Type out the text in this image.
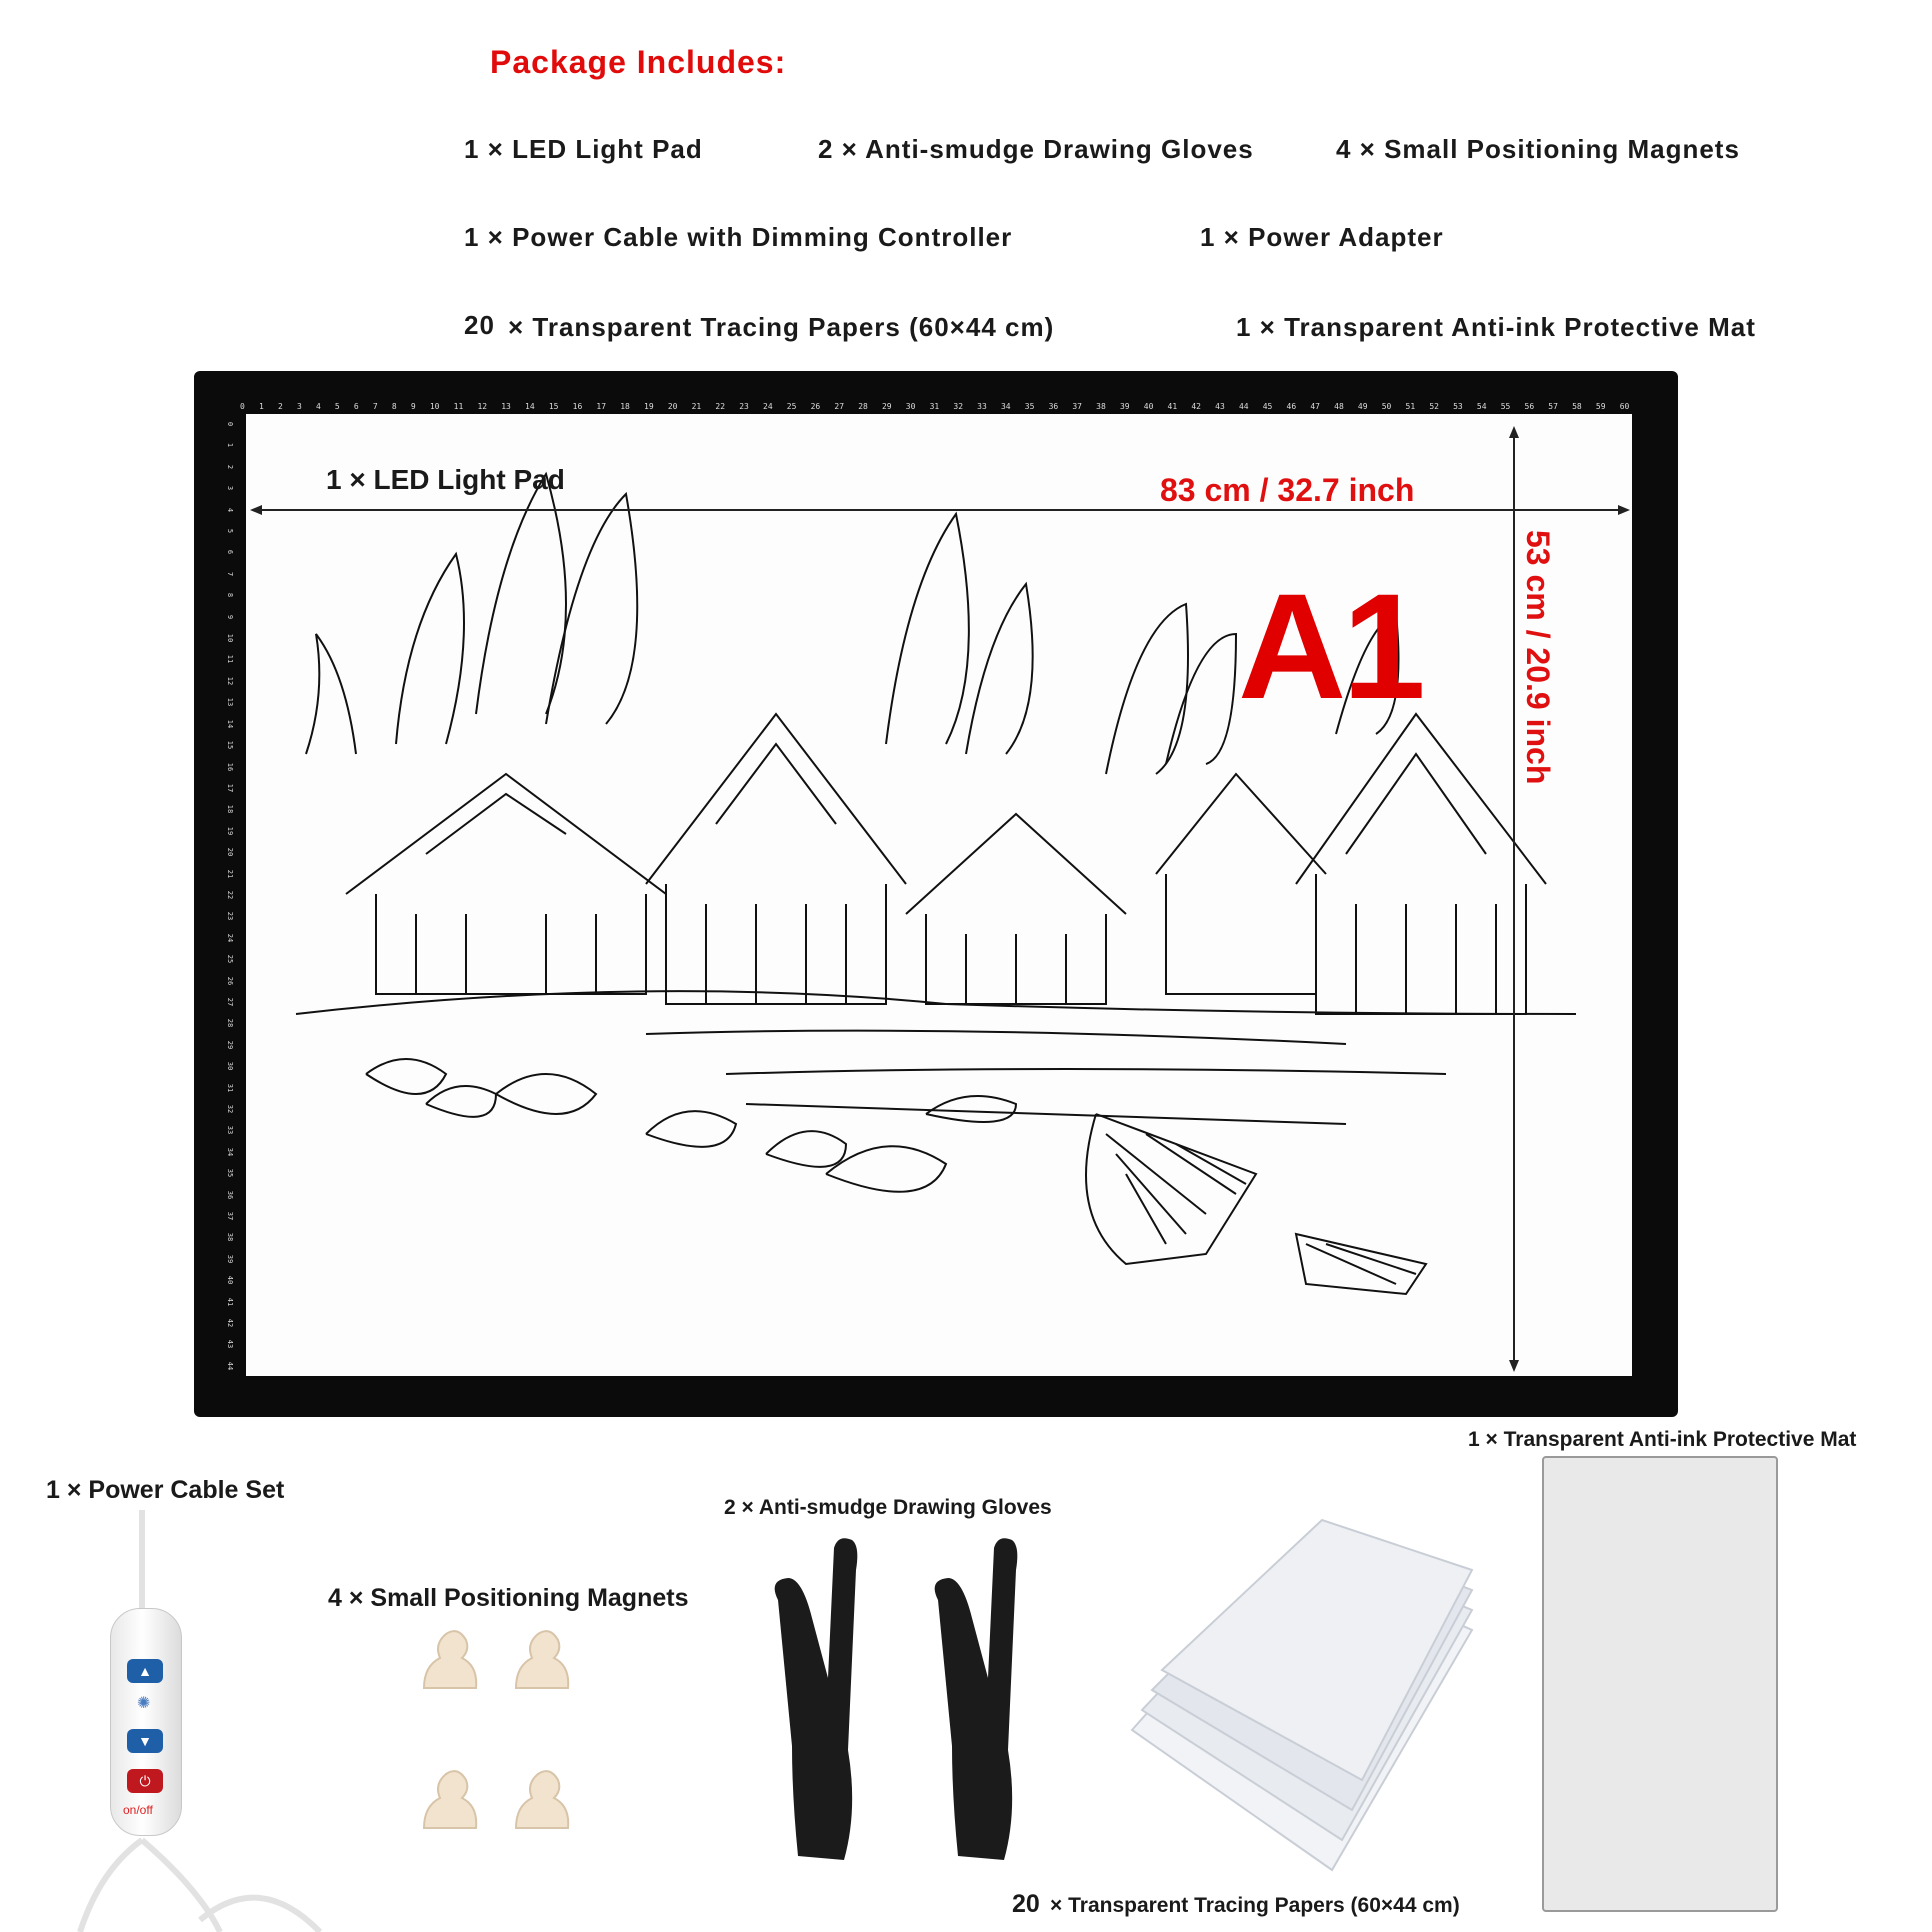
Package Includes:
1 × LED Light Pad	2 × Anti-smudge Drawing Gloves	4 × Small Positioning Magnets
1 × Power Cable with Dimming Controller	1 × Power Adapter
20 × Transparent Tracing Papers (60×44 cm)	1 × Transparent Anti-ink Protective Mat
0 1 2 3 4 5 6 7 8 9 10 11 12 13 14 15 16 17 18 19 20 21 22 23 24 25 26 27 28 29 30 31 32 33 34 35 36 37 38 39 40 41 42 43 44 45 46 47 48 49 50 51 52 53 54 55 56 57 58 59 60
0
1
2
3
4
5
6
7
8
9
10
11
12
13
14
15
16
17
18
19
20
21
22
23
24
25
26
27
28
29
30
31
32
33
34
35
36
37
38
39
40
41
42
43
44
1 × LED Light Pad	83 cm / 32.7 inch
53 cm / 20.9 inch
A1
1 × Power Cable Set
4 × Small Positioning Magnets
2 × Anti-smudge Drawing Gloves
1 × Transparent Anti-ink Protective Mat
20 × Transparent Tracing Papers (60×44 cm)
▲
✺
▼
⏻
on/off
